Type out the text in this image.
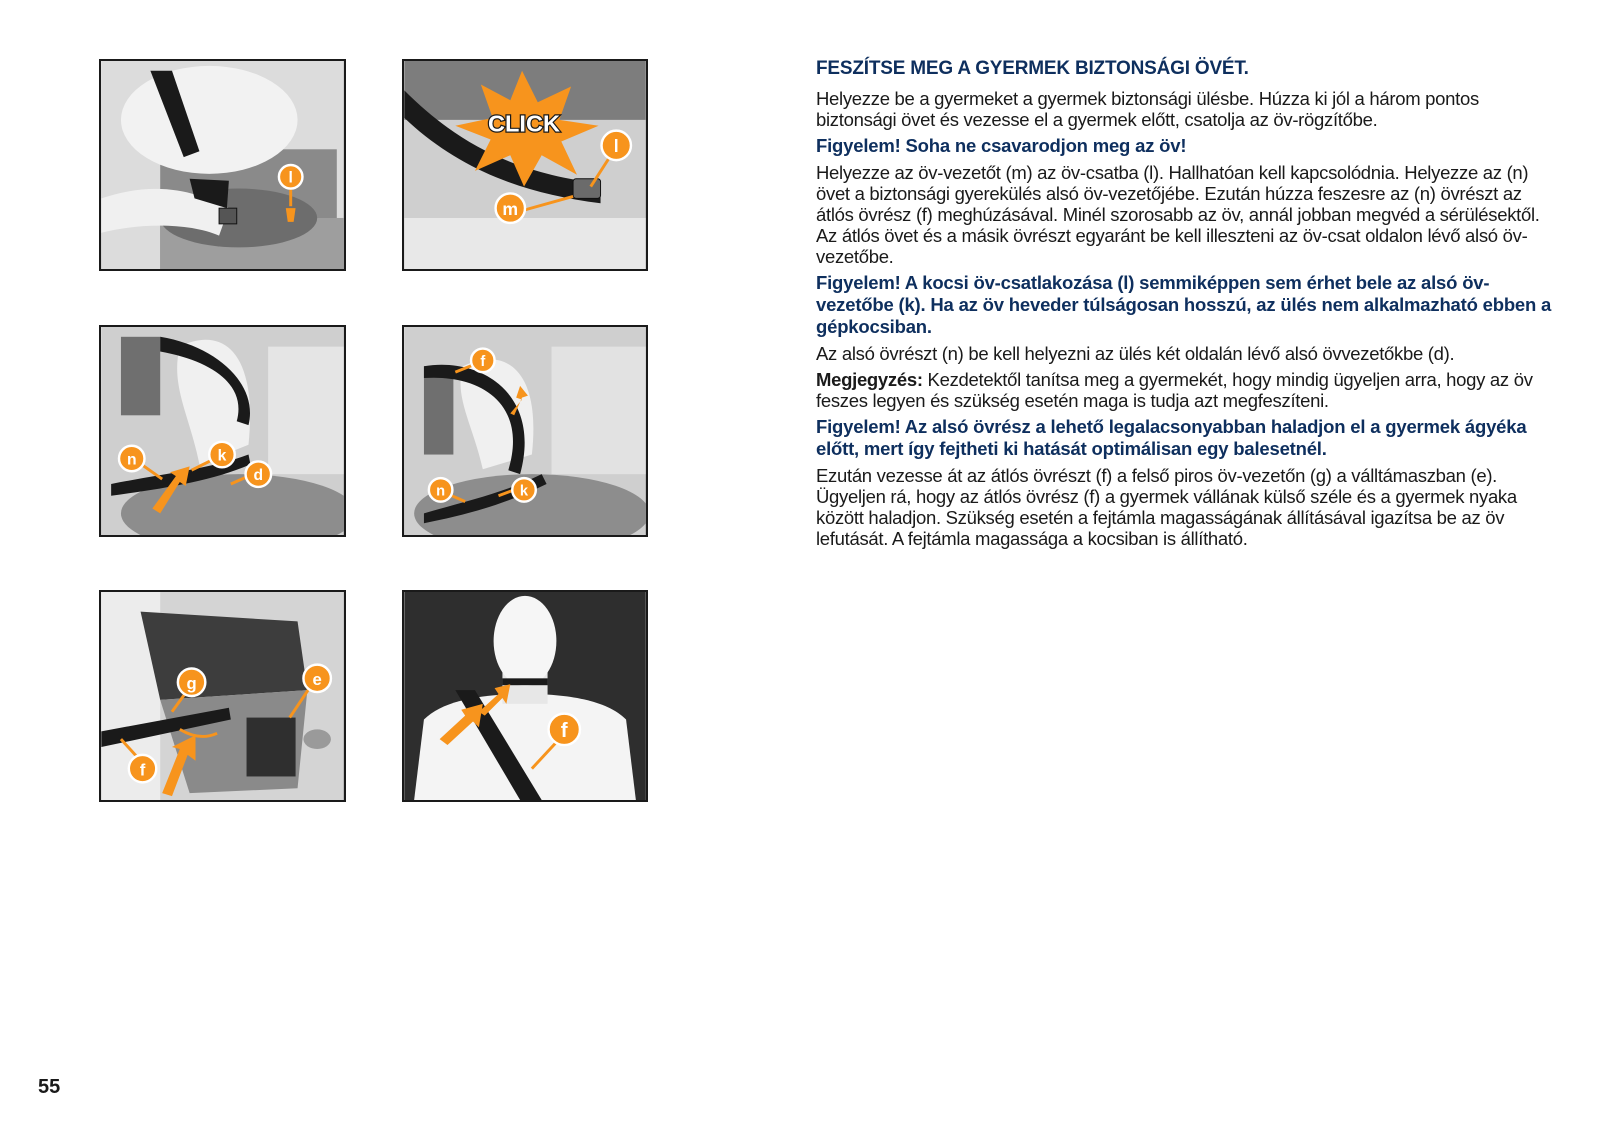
l
CLICK
l
m
n	k
d
f
n	k
g	e
f
f

FESZÍTSE MEG A GYERMEK BIZTONSÁGI ÖVÉT.

Helyezze be a gyermeket a gyermek biztonsági ülésbe. Húzza ki jól a három pontos biztonsági övet és vezesse el a gyermek előtt, csatolja az öv-rögzítőbe.

Figyelem! Soha ne csavarodjon meg az öv!

Helyezze az öv-vezetőt (m) az öv-csatba (l). Hallhatóan kell kapcsolódnia. Helyezze az (n) övet a biztonsági gyerekülés alsó öv-vezetőjébe. Ezután húzza feszesre az (n) övrészt az átlós övrész (f) meghúzásával. Minél szorosabb az öv, annál jobban megvéd a sérülésektől. Az átlós övet és a másik övrészt egyaránt be kell illeszteni az öv-csat oldalon lévő alsó öv-vezetőbe.

Figyelem! A kocsi öv-csatlakozása (l) semmiképpen sem érhet bele az alsó öv-vezetőbe (k). Ha az öv heveder túlságosan hosszú, az ülés nem alkalmazható ebben a gépkocsiban.

Az alsó övrészt (n) be kell helyezni az ülés két oldalán lévő alsó övvezetőkbe (d).

Megjegyzés: Kezdetektől tanítsa meg a gyermekét, hogy mindig ügyeljen arra, hogy az öv feszes legyen és szükség esetén maga is tudja azt megfeszíteni.

Figyelem! Az alsó övrész a lehető legalacsonyabban haladjon el a gyermek ágyéka előtt, mert így fejtheti ki hatását optimálisan egy balesetnél.

Ezután vezesse át az átlós övrészt (f) a felső piros öv-vezetőn (g) a válltámaszban (e). Ügyeljen rá, hogy az átlós övrész (f) a gyermek vállának külső széle és a gyermek nyaka között haladjon. Szükség esetén a fejtámla magasságának állításával igazítsa be az öv lefutását. A fejtámla magassága a kocsiban is állítható.

55
